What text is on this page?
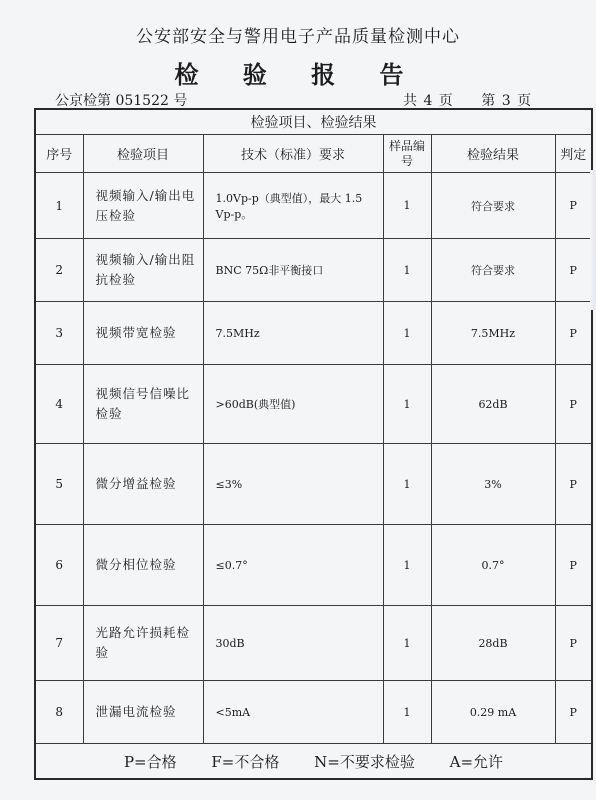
公安部安全与警用电子产品质量检测中心
检 验 报 告
公京检第 051522 号	共 4 页 第 3 页
检验项目、检验结果					
序号	检验项目	技术（标准）要求	样品编号	检验结果	判定
1	视频输入/输出电压检验	1.0Vp-p（典型值），最大 1.5 Vp-p。	1	符合要求	P
2	视频输入/输出阻抗检验	BNC 75Ω非平衡接口	1	符合要求	P
3	视频带宽检验	7.5MHz	1	7.5MHz	P
4	视频信号信噪比检验	>60dB(典型值)	1	62dB	P
5	微分增益检验	≤3%	1	3%	P
6	微分相位检验	≤0.7°	1	0.7°	P
7	光路允许损耗检验	30dB	1	28dB	P
8	泄漏电流检验	<5mA	1	0.29 mA	P
P=合格 F=不合格 N=不要求检验 A=允许					
